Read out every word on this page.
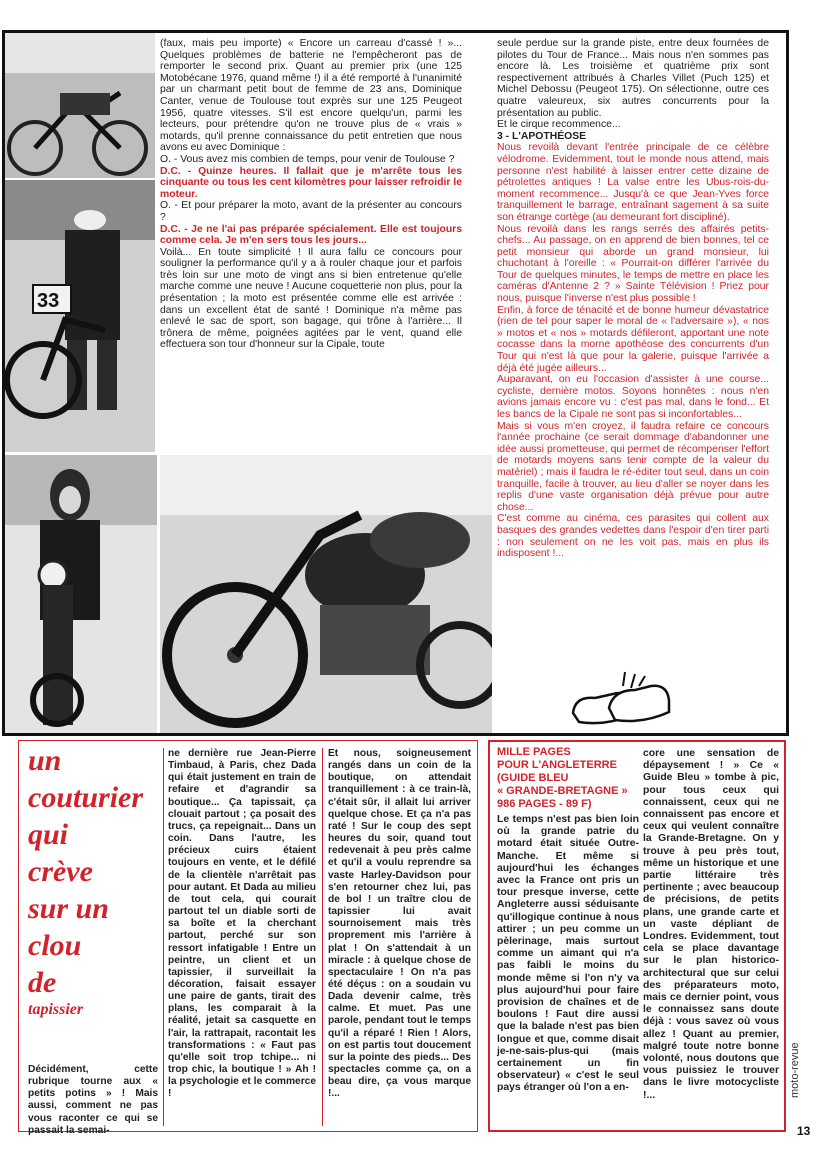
33

(faux, mais peu importe) « Encore un carreau d'cassé ! »... Quelques problèmes de batterie ne l'empêcheront pas de remporter le second prix. Quant au premier prix (une 125 Motobécane 1976, quand même !) il a été remporté à l'unanimité par un charmant petit bout de femme de 23 ans, Dominique Canter, venue de Toulouse tout exprès sur une 125 Peugeot 1956, quatre vitesses. S'il est encore quelqu'un, parmi les lecteurs, pour prétendre qu'on ne trouve plus de « vrais » motards, qu'il prenne connaissance du petit entretien que nous avons eu avec Dominique :

O. - Vous avez mis combien de temps, pour venir de Toulouse ?

D.C. - Quinze heures. Il fallait que je m'arrête tous les cinquante ou tous les cent kilomètres pour laisser refroidir le moteur.

O. - Et pour préparer la moto, avant de la présenter au concours ?

D.C. - Je ne l'ai pas préparée spécialement. Elle est toujours comme cela. Je m'en sers tous les jours...

Voilà... En toute simplicité ! Il aura fallu ce concours pour souligner la performance qu'il y a à rouler chaque jour et parfois très loin sur une moto de vingt ans si bien entretenue qu'elle marche comme une neuve ! Aucune coquetterie non plus, pour la présentation ; la moto est présentée comme elle est arrivée : dans un excellent état de santé ! Dominique n'a même pas enlevé le sac de sport, son bagage, qui trône à l'arrière... Il trônera de même, poignées agitées par le vent, quand elle effectuera son tour d'honneur sur la Cipale, toute

seule perdue sur la grande piste, entre deux fournées de pilotes du Tour de France... Mais nous n'en sommes pas encore là. Les troisième et quatrième prix sont respectivement attribués à Charles Villet (Puch 125) et Michel Debossu (Peugeot 175). On sélectionne, outre ces quatre valeureux, six autres concurrents pour la présentation au public.

Et le cirque recommence...

3 - L'APOTHÉOSE

Nous revoilà devant l'entrée principale de ce célèbre vélodrome. Evidemment, tout le monde nous attend, mais personne n'est habilité à laisser entrer cette dizaine de pétrolettes antiques ! La valse entre les Ubus-rois-du-moment recommence... Jusqu'à ce que Jean-Yves force tranquillement le barrage, entraînant sagement à sa suite son étrange cortège (au demeurant fort discipliné).

Nous revoilà dans les rangs serrés des affairés petits-chefs... Au passage, on en apprend de bien bonnes, tel ce petit monsieur qui aborde un grand monsieur, lui chuchotant à l'oreille : « Pourrait-on différer l'arrivée du Tour de quelques minutes, le temps de mettre en place les caméras d'Antenne 2 ? » Sainte Télévision ! Priez pour nous, puisque l'inverse n'est plus possible !

Enfin, à force de ténacité et de bonne humeur dévastatrice (rien de tel pour saper le moral de « l'adversaire »), « nos » motos et « nos » motards défileront, apportant une note cocasse dans la morne apothéose des concurrents d'un Tour qui n'est là que pour la galerie, puisque l'arrivée a déjà été jugée ailleurs...

Auparavant, on eu l'occasion d'assister à une course... cycliste, dernière motos. Soyons honnêtes : nous n'en avions jamais encore vu : c'est pas mal, dans le fond... Et les bancs de la Cipale ne sont pas si inconfortables...

Mais si vous m'en croyez, il faudra refaire ce concours l'année prochaine (ce serait dommage d'abandonner une idée aussi prometteuse, qui permet de récompenser l'effort de motards moyens sans tenir compte de la valeur du matériel) ; mais il faudra le ré-éditer tout seul, dans un coin tranquille, facile à trouver, au lieu d'aller se noyer dans les replis d'une vaste organisation déjà prévue pour autre chose...

C'est comme au cinéma, ces parasites qui collent aux basques des grandes vedettes dans l'espoir d'en tirer parti : non seulement on ne les voit pas, mais en plus ils indisposent !...

un
couturier
qui
crève
sur un
clou
de
tapissier

Décidément, cette rubrique tourne aux « petits potins » ! Mais aussi, comment ne pas vous raconter ce qui se passait la semai-

ne dernière rue Jean-Pierre Timbaud, à Paris, chez Dada qui était justement en train de refaire et d'agrandir sa boutique... Ça tapissait, ça clouait partout ; ça posait des trucs, ça repeignait... Dans un coin. Dans l'autre, les précieux cuirs étaient toujours en vente, et le défilé de la clientèle n'arrêtait pas pour autant. Et Dada au milieu de tout cela, qui courait partout tel un diable sorti de sa boîte et la cherchant partout, perché sur son ressort infatigable ! Entre un peintre, un client et un tapissier, il surveillait la décoration, faisait essayer une paire de gants, tirait des plans, les comparait à la réalité, jetait sa casquette en l'air, la rattrapait, racontait les transformations : « Faut pas qu'elle soit trop tchipe... ni trop chic, la boutique ! » Ah ! la psychologie et le commerce !

Et nous, soigneusement rangés dans un coin de la boutique, on attendait tranquillement : à ce train-là, c'était sûr, il allait lui arriver quelque chose. Et ça n'a pas raté ! Sur le coup des sept heures du soir, quand tout redevenait à peu près calme et qu'il a voulu reprendre sa vaste Harley-Davidson pour s'en retourner chez lui, pas de bol ! un traître clou de tapissier lui avait sournoisement mais très proprement mis l'arrière à plat ! On s'attendait à un miracle : à quelque chose de spectaculaire ! On n'a pas été déçus : on a soudain vu Dada devenir calme, très calme. Et muet. Pas une parole, pendant tout le temps qu'il a réparé ! Rien ! Alors, on est partis tout doucement sur la pointe des pieds... Des spectacles comme ça, on a beau dire, ça vous marque !...

MILLE PAGES
POUR L'ANGLETERRE
(GUIDE BLEU
« GRANDE-BRETAGNE »
986 PAGES - 89 F)

Le temps n'est pas bien loin où la grande patrie du motard était située Outre-Manche. Et même si aujourd'hui les échanges avec la France ont pris un tour presque inverse, cette Angleterre aussi séduisante qu'illogique continue à nous attirer ; un peu comme un pèlerinage, mais surtout comme un aimant qui n'a pas faibli le moins du monde même si l'on n'y va plus aujourd'hui pour faire provision de chaînes et de boulons ! Faut dire aussi que la balade n'est pas bien longue et que, comme disait je-ne-sais-plus-qui (mais certainement un fin observateur) « c'est le seul pays étranger où l'on a en-

core une sensation de dépaysement ! » Ce « Guide Bleu » tombe à pic, pour tous ceux qui connaissent, ceux qui ne connaissent pas encore et ceux qui veulent connaître la Grande-Bretagne. On y trouve à peu près tout, même un historique et une partie littéraire très pertinente ; avec beaucoup de précisions, de petits plans, une grande carte et un vaste dépliant de Londres. Evidemment, tout cela se place davantage sur le plan historico-architectural que sur celui des préparateurs moto, mais ce dernier point, vous le connaissez sans doute déjà : vous savez où vous allez ! Quant au premier, malgré toute notre bonne volonté, nous doutons que vous puissiez le trouver dans le livre motocycliste !...	moto-revue
13
